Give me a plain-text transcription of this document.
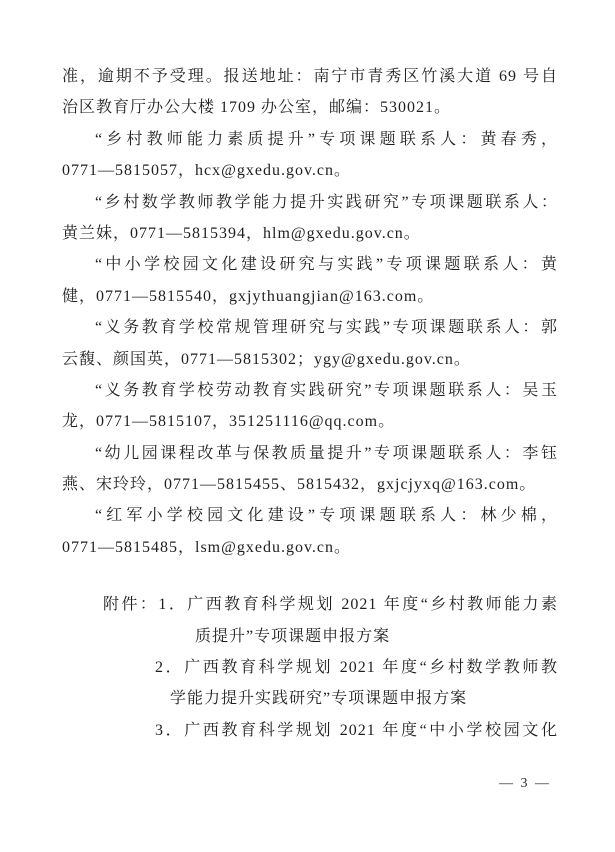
准，逾期不予受理。报送地址：南宁市青秀区竹溪大道 69 号自
治区教育厅办公大楼 1709 办公室，邮编：530021。
“乡村教师能力素质提升”专项课题联系人：黄春秀，
0771—5815057，hcx@gxedu.gov.cn。
“乡村数学教师教学能力提升实践研究”专项课题联系人：
黄兰妹，0771—5815394，hlm@gxedu.gov.cn。
“中小学校园文化建设研究与实践”专项课题联系人：黄
健，0771—5815540，gxjythuangjian@163.com。
“义务教育学校常规管理研究与实践”专项课题联系人：郭
云馥、颜国英，0771—5815302；ygy@gxedu.gov.cn。
“义务教育学校劳动教育实践研究”专项课题联系人：吴玉
龙，0771—5815107，351251116@qq.com。
“幼儿园课程改革与保教质量提升”专项课题联系人：李钰
燕、宋玲玲，0771—5815455、5815432，gxjcjyxq@163.com。
“红军小学校园文化建设”专项课题联系人：林少棉，
0771—5815485，lsm@gxedu.gov.cn。
附件：1．广西教育科学规划 2021 年度“乡村教师能力素
质提升”专项课题申报方案
2．广西教育科学规划 2021 年度“乡村数学教师教
学能力提升实践研究”专项课题申报方案
3．广西教育科学规划 2021 年度“中小学校园文化
— 3 —
